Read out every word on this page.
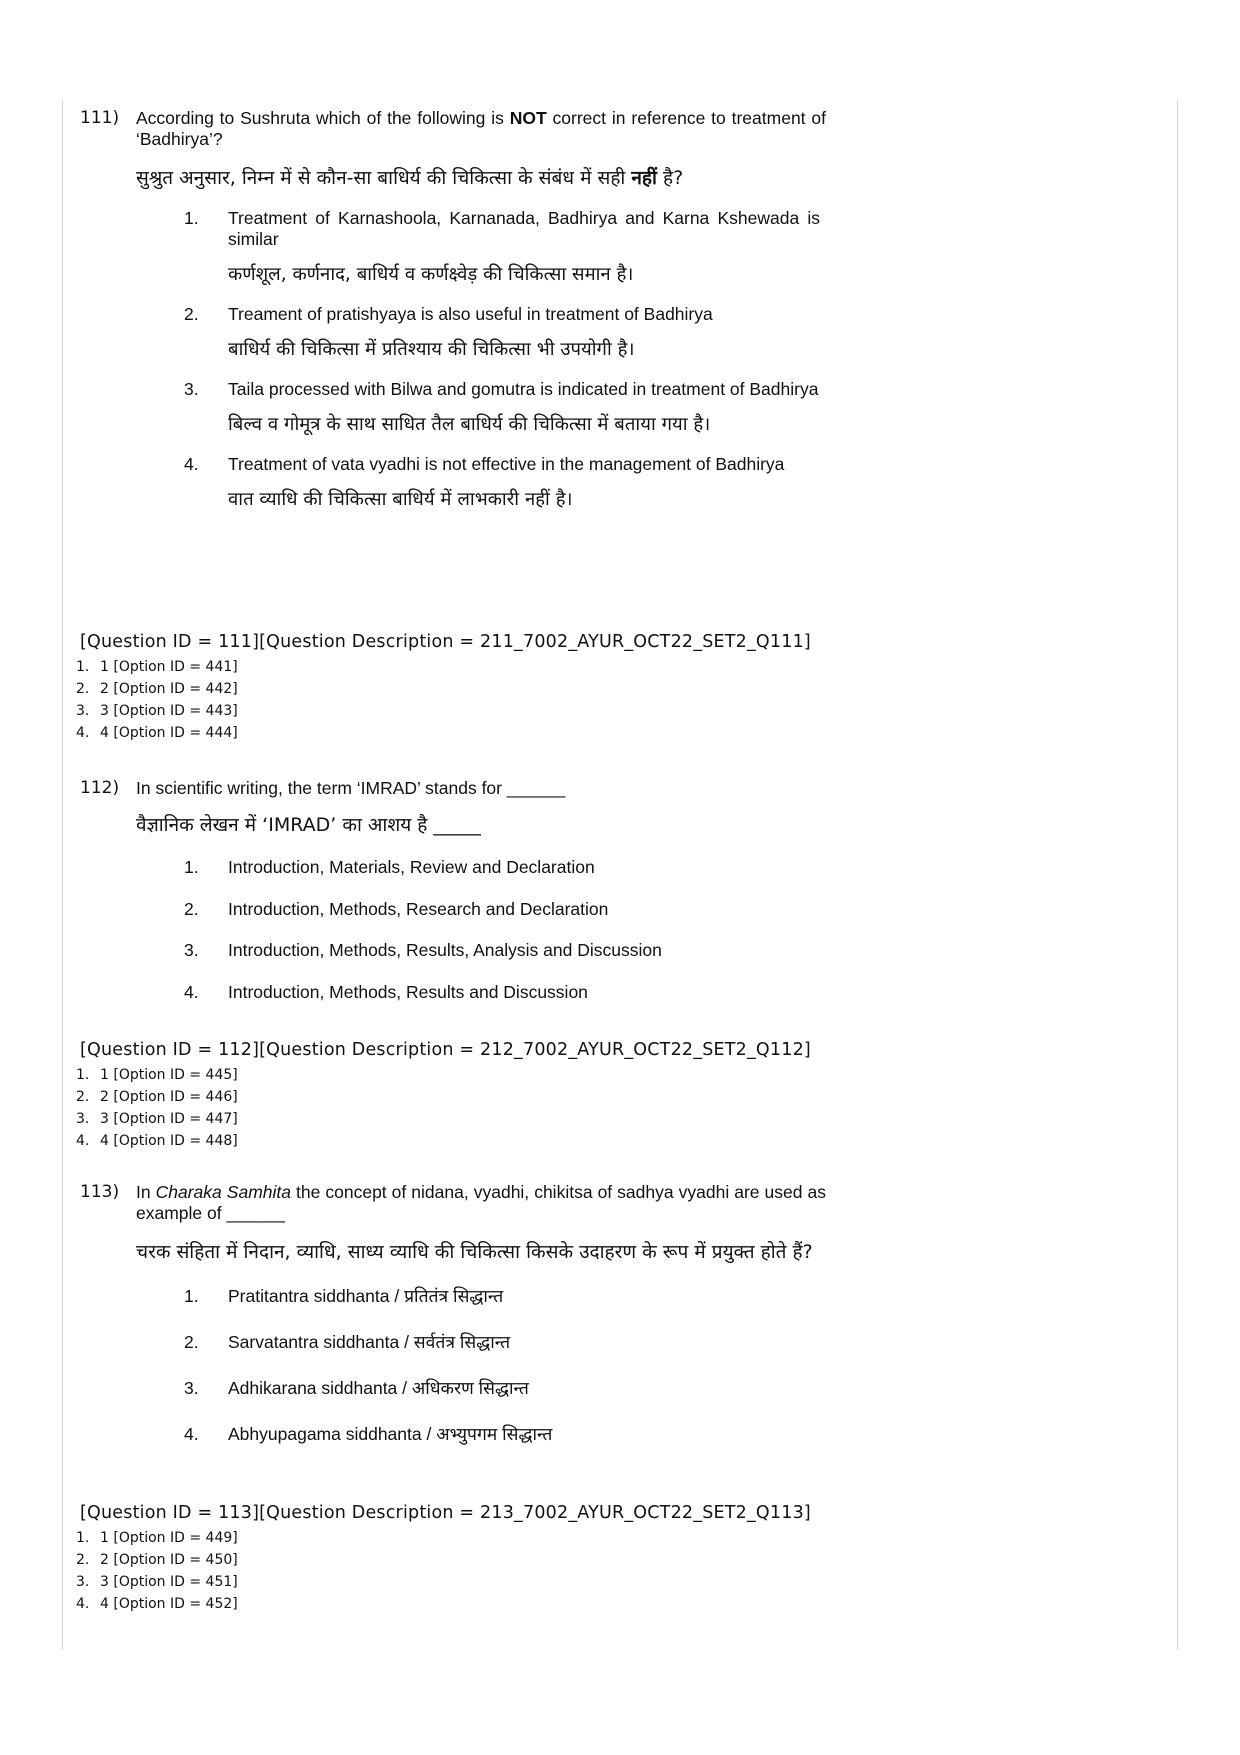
111) According to Sushruta which of the following is NOT correct in reference to treatment of ‘Badhirya’?
सुश्रुत अनुसार, निम्न में से कौन-सा बाधिर्य की चिकित्सा के संबंध में सही नहीं है?
1.	Treatment of Karnashoola, Karnanada, Badhirya and Karna Kshewada is similar
कर्णशूल, कर्णनाद, बाधिर्य व कर्णक्ष्वेड़ की चिकित्सा समान है।
2.	Treament of pratishyaya is also useful in treatment of Badhirya
बाधिर्य की चिकित्सा में प्रतिश्याय की चिकित्सा भी उपयोगी है।
3.	Taila processed with Bilwa and gomutra is indicated in treatment of Badhirya
बिल्व व गोमूत्र के साथ साधित तैल बाधिर्य की चिकित्सा में बताया गया है।
4.	Treatment of vata vyadhi is not effective in the management of Badhirya
वात व्याधि की चिकित्सा बाधिर्य में लाभकारी नहीं है।
[Question ID = 111][Question Description = 211_7002_AYUR_OCT22_SET2_Q111]
1. 1 [Option ID = 441]
2. 2 [Option ID = 442]
3. 3 [Option ID = 443]
4. 4 [Option ID = 444]
112) In scientific writing, the term ‘IMRAD’ stands for ______
वैज्ञानिक लेखन में ‘IMRAD’ का आशय है _____
1.	Introduction, Materials, Review and Declaration
2.	Introduction, Methods, Research and Declaration
3.	Introduction, Methods, Results, Analysis and Discussion
4.	Introduction, Methods, Results and Discussion
[Question ID = 112][Question Description = 212_7002_AYUR_OCT22_SET2_Q112]
1. 1 [Option ID = 445]
2. 2 [Option ID = 446]
3. 3 [Option ID = 447]
4. 4 [Option ID = 448]
113) In Charaka Samhita the concept of nidana, vyadhi, chikitsa of sadhya vyadhi are used as example of ______
चरक संहिता में निदान, व्याधि, साध्य व्याधि की चिकित्सा किसके उदाहरण के रूप में प्रयुक्त होते हैं?
1.	Pratitantra siddhanta / प्रतितंत्र सिद्धान्त
2.	Sarvatantra siddhanta / सर्वतंत्र सिद्धान्त
3.	Adhikarana siddhanta / अधिकरण सिद्धान्त
4.	Abhyupagama siddhanta / अभ्युपगम सिद्धान्त
[Question ID = 113][Question Description = 213_7002_AYUR_OCT22_SET2_Q113]
1. 1 [Option ID = 449]
2. 2 [Option ID = 450]
3. 3 [Option ID = 451]
4. 4 [Option ID = 452]
